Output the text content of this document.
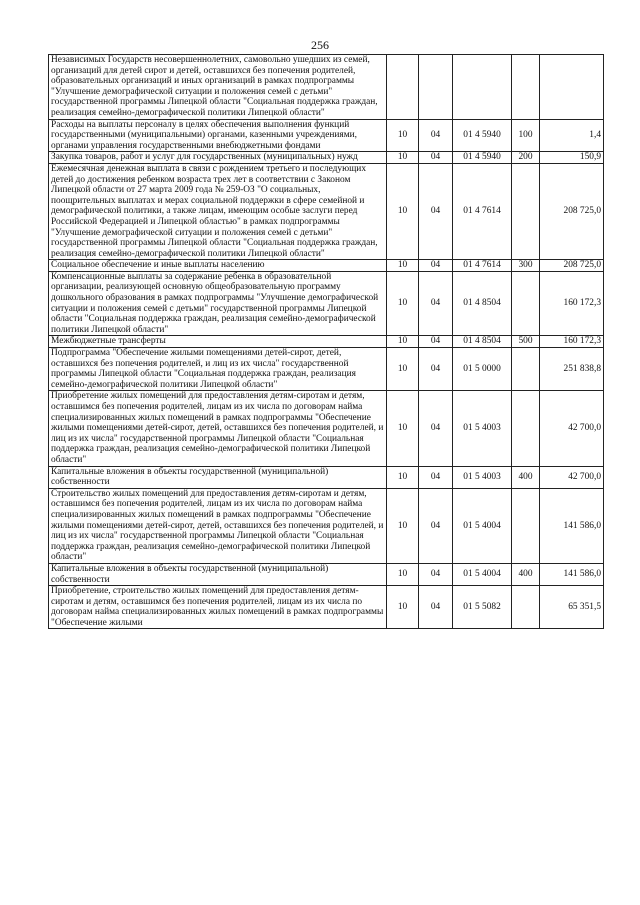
256
Независимых Государств несовершеннолетних, самовольно ушедших из семей, организаций для детей сирот и детей, оставшихся без попечения родителей, образовательных организаций и иных организаций в рамках подпрограммы "Улучшение демографической ситуации и положения семей с детьми" государственной программы Липецкой области "Социальная поддержка граждан, реализация семейно-демографической политики Липецкой области"					
Расходы на выплаты персоналу в целях обеспечения выполнения функций государственными (муниципальными) органами, казенными учреждениями, органами управления государственными внебюджетными фондами	10	04	01 4 5940	100	1,4
Закупка товаров, работ и услуг для государственных (муниципальных) нужд	10	04	01 4 5940	200	150,9
Ежемесячная денежная выплата в связи с рождением третьего и последующих детей до достижения ребенком возраста трех лет в соответствии с Законом Липецкой области от 27 марта 2009 года № 259-ОЗ "О социальных, поощрительных выплатах и мерах социальной поддержки в сфере семейной и демографической политики, а также лицам, имеющим особые заслуги перед Российской Федерацией и Липецкой областью" в рамках подпрограммы "Улучшение демографической ситуации и положения семей с детьми" государственной программы Липецкой области "Социальная поддержка граждан, реализация семейно-демографической политики Липецкой области"	10	04	01 4 7614		208 725,0
Социальное обеспечение и иные выплаты населению	10	04	01 4 7614	300	208 725,0
Компенсационные выплаты за содержание ребенка в образовательной организации, реализующей основную общеобразовательную программу дошкольного образования в рамках подпрограммы "Улучшение демографической ситуации и положения семей с детьми" государственной программы Липецкой области "Социальная поддержка граждан, реализация семейно-демографической политики Липецкой области"	10	04	01 4 8504		160 172,3
Межбюджетные трансферты	10	04	01 4 8504	500	160 172,3
Подпрограмма "Обеспечение жилыми помещениями детей-сирот, детей, оставшихся без попечения родителей, и лиц из их числа" государственной программы Липецкой области "Социальная поддержка граждан, реализация семейно-демографической политики Липецкой области"	10	04	01 5 0000		251 838,8
Приобретение жилых помещений для предоставления детям-сиротам и детям, оставшимся без попечения родителей, лицам из их числа по договорам найма специализированных жилых помещений в рамках подпрограммы "Обеспечение жилыми помещениями детей-сирот, детей, оставшихся без попечения родителей, и лиц из их числа" государственной программы Липецкой области "Социальная поддержка граждан, реализация семейно-демографической политики Липецкой области"	10	04	01 5 4003		42 700,0
Капитальные вложения в объекты государственной (муниципальной) собственности	10	04	01 5 4003	400	42 700,0
Строительство жилых помещений для предоставления детям-сиротам и детям, оставшимся без попечения родителей, лицам из их числа по договорам найма специализированных жилых помещений в рамках подпрограммы "Обеспечение жилыми помещениями детей-сирот, детей, оставшихся без попечения родителей, и лиц из их числа" государственной программы Липецкой области "Социальная поддержка граждан, реализация семейно-демографической политики Липецкой области"	10	04	01 5 4004		141 586,0
Капитальные вложения в объекты государственной (муниципальной) собственности	10	04	01 5 4004	400	141 586,0
Приобретение, строительство жилых помещений для предоставления детям-сиротам и детям, оставшимся без попечения родителей, лицам из их числа по договорам найма специализированных жилых помещений в рамках подпрограммы "Обеспечение жилыми	10	04	01 5 5082		65 351,5
